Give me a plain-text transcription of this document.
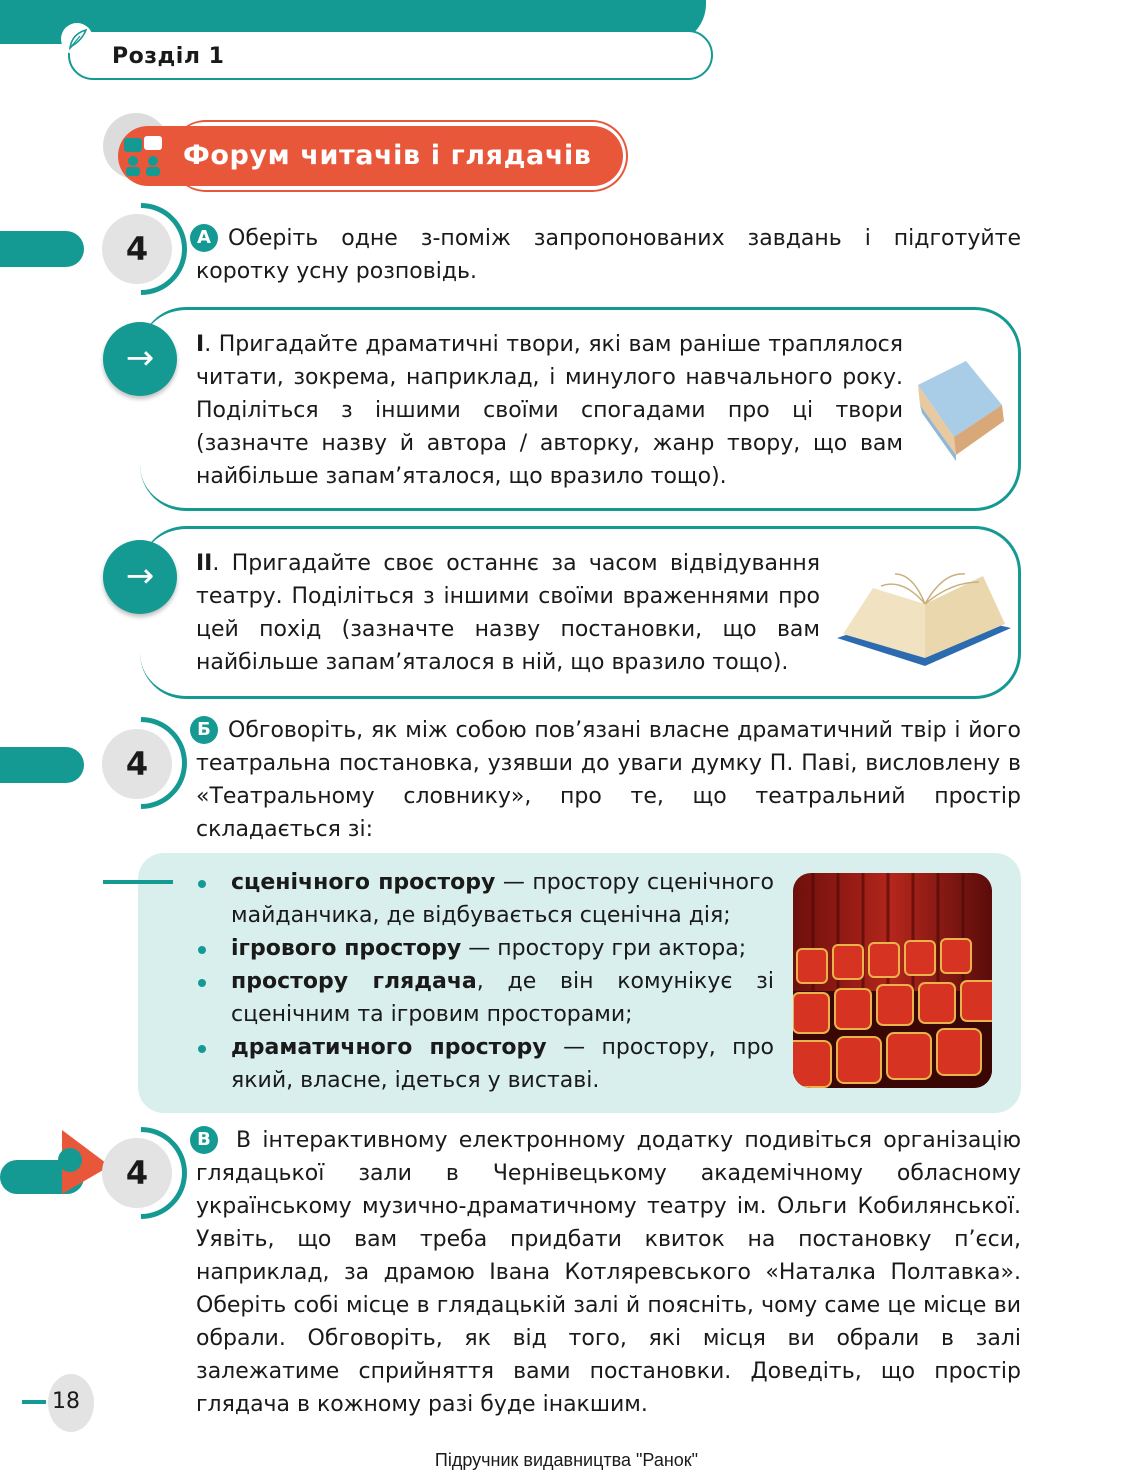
Розділ 1
Форум читачів і глядачів
4	А Оберіть одне з-поміж запропонованих завдань і підготуйте коротку усну розповідь.
→	I. Пригадайте драматичні твори, які вам раніше траплялося читати, зокрема, наприклад, і минулого навчального року. Поділіться з іншими своїми спогадами про ці твори (зазначте назву й автора / авторку, жанр твору, що вам найбільше запам’яталося, що вразило тощо).
→	II. Пригадайте своє останнє за часом відвідування театру. Поділіться з іншими своїми враженнями про цей похід (зазначте назву постановки, що вам найбільше запам’яталося в ній, що вразило тощо).
4
Б Обговоріть, як між собою пов’язані власне драматичний твір і його театральна постановка, узявши до уваги думку П. Паві, висловлену в «Театральному словнику», про те, що театральний простір складається зі:
сценічного простору — простору сценічного майданчика, де відбувається сценічна дія;
ігрового простору — простору гри актора;
простору глядача, де він комунікує зі сценічним та ігровим просторами;
драматичного простору — простору, про який, власне, ідеться у виставі.
4
В	В інтерактивному електронному додатку подивіться організацію глядацької зали в Чернівецькому академічному обласному українському музично-драматичному театру ім. Ольги Кобилянської. Уявіть, що вам треба придбати квиток на постановку п’єси, наприклад, за драмою Івана Котляревського «Наталка Полтавка». Оберіть собі місце в глядацькій залі й поясніть, чому саме це місце ви обрали. Обговоріть, як від того, які місця ви обрали в залі залежатиме сприйняття вами постановки. Доведіть, що простір глядача в кожному разі буде інакшим.
18
Підручник видавництва "Ранок"
